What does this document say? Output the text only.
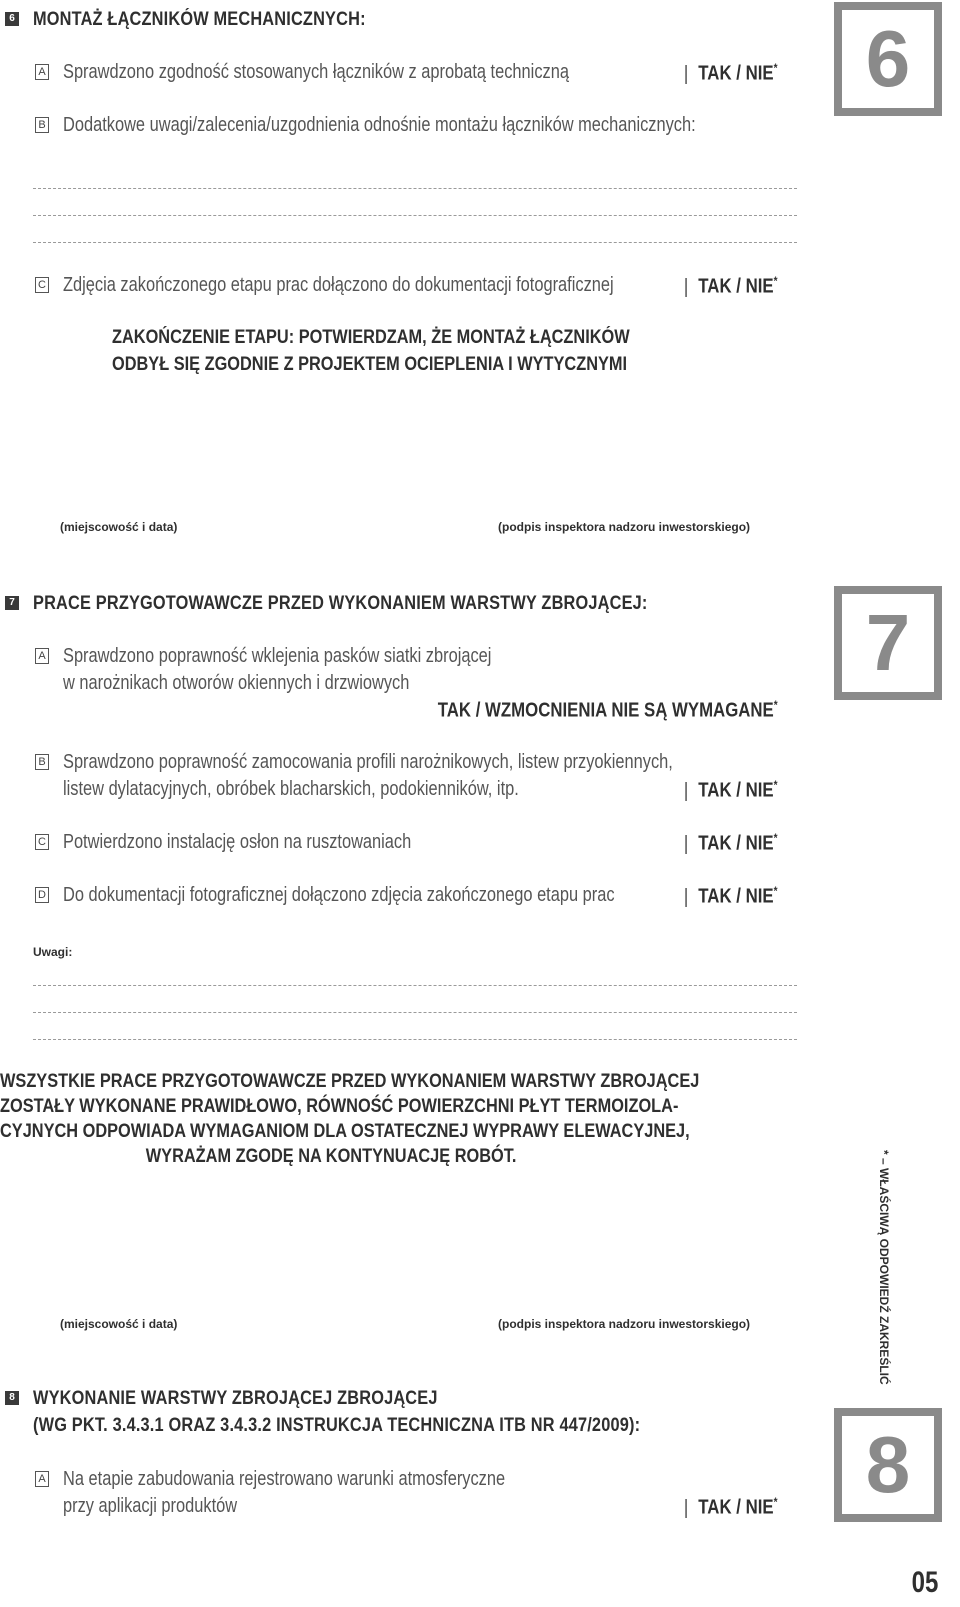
6 MONTAŻ ŁĄCZNIKÓW MECHANICZNYCH:	6
A Sprawdzono zgodność stosowanych łączników z aprobatą techniczną	| TAK / NIE*
B Dodatkowe uwagi/zalecenia/uzgodnienia odnośnie montażu łączników mechanicznych:
C Zdjęcia zakończonego etapu prac dołączono do dokumentacji fotograficznej	| TAK / NIE*
ZAKOŃCZENIE ETAPU: POTWIERDZAM, ŻE MONTAŻ ŁĄCZNIKÓW
ODBYŁ SIĘ ZGODNIE Z PROJEKTEM OCIEPLENIA I WYTYCZNYMI
(miejscowość i data)	(podpis inspektora nadzoru inwestorskiego)
7 PRACE PRZYGOTOWAWCZE PRZED WYKONANIEM WARSTWY ZBROJĄCEJ:	7
A Sprawdzono poprawność wklejenia pasków siatki zbrojącej
w narożnikach otworów okiennych i drzwiowych
TAK / WZMOCNIENIA NIE SĄ WYMAGANE*
B Sprawdzono poprawność zamocowania profili narożnikowych, listew przyokiennych,
listew dylatacyjnych, obróbek blacharskich, podokienników, itp.	| TAK / NIE*
C Potwierdzono instalację osłon na rusztowaniach	| TAK / NIE*
D Do dokumentacji fotograficznej dołączono zdjęcia zakończonego etapu prac	| TAK / NIE*
Uwagi:
WSZYSTKIE PRACE PRZYGOTOWAWCZE PRZED WYKONANIEM WARSTWY ZBROJĄCEJ
ZOSTAŁY WYKONANE PRAWIDŁOWO, RÓWNOŚĆ POWIERZCHNI PŁYT TERMOIZOLA-
CYJNYCH ODPOWIADA WYMAGANIOM DLA OSTATECZNEJ WYPRAWY ELEWACYJNEJ,
WYRAŻAM ZGODĘ NA KONTYNUACJĘ ROBÓT.	* – WŁAŚCIWĄ ODPOWIEDŹ ZAKREŚLIĆ
(miejscowość i data)	(podpis inspektora nadzoru inwestorskiego)
8 WYKONANIE WARSTWY ZBROJĄCEJ ZBROJĄCEJ
(WG PKT. 3.4.3.1 ORAZ 3.4.3.2 INSTRUKCJA TECHNICZNA ITB NR 447/2009):	8
A Na etapie zabudowania rejestrowano warunki atmosferyczne
przy aplikacji produktów	| TAK / NIE*
05
